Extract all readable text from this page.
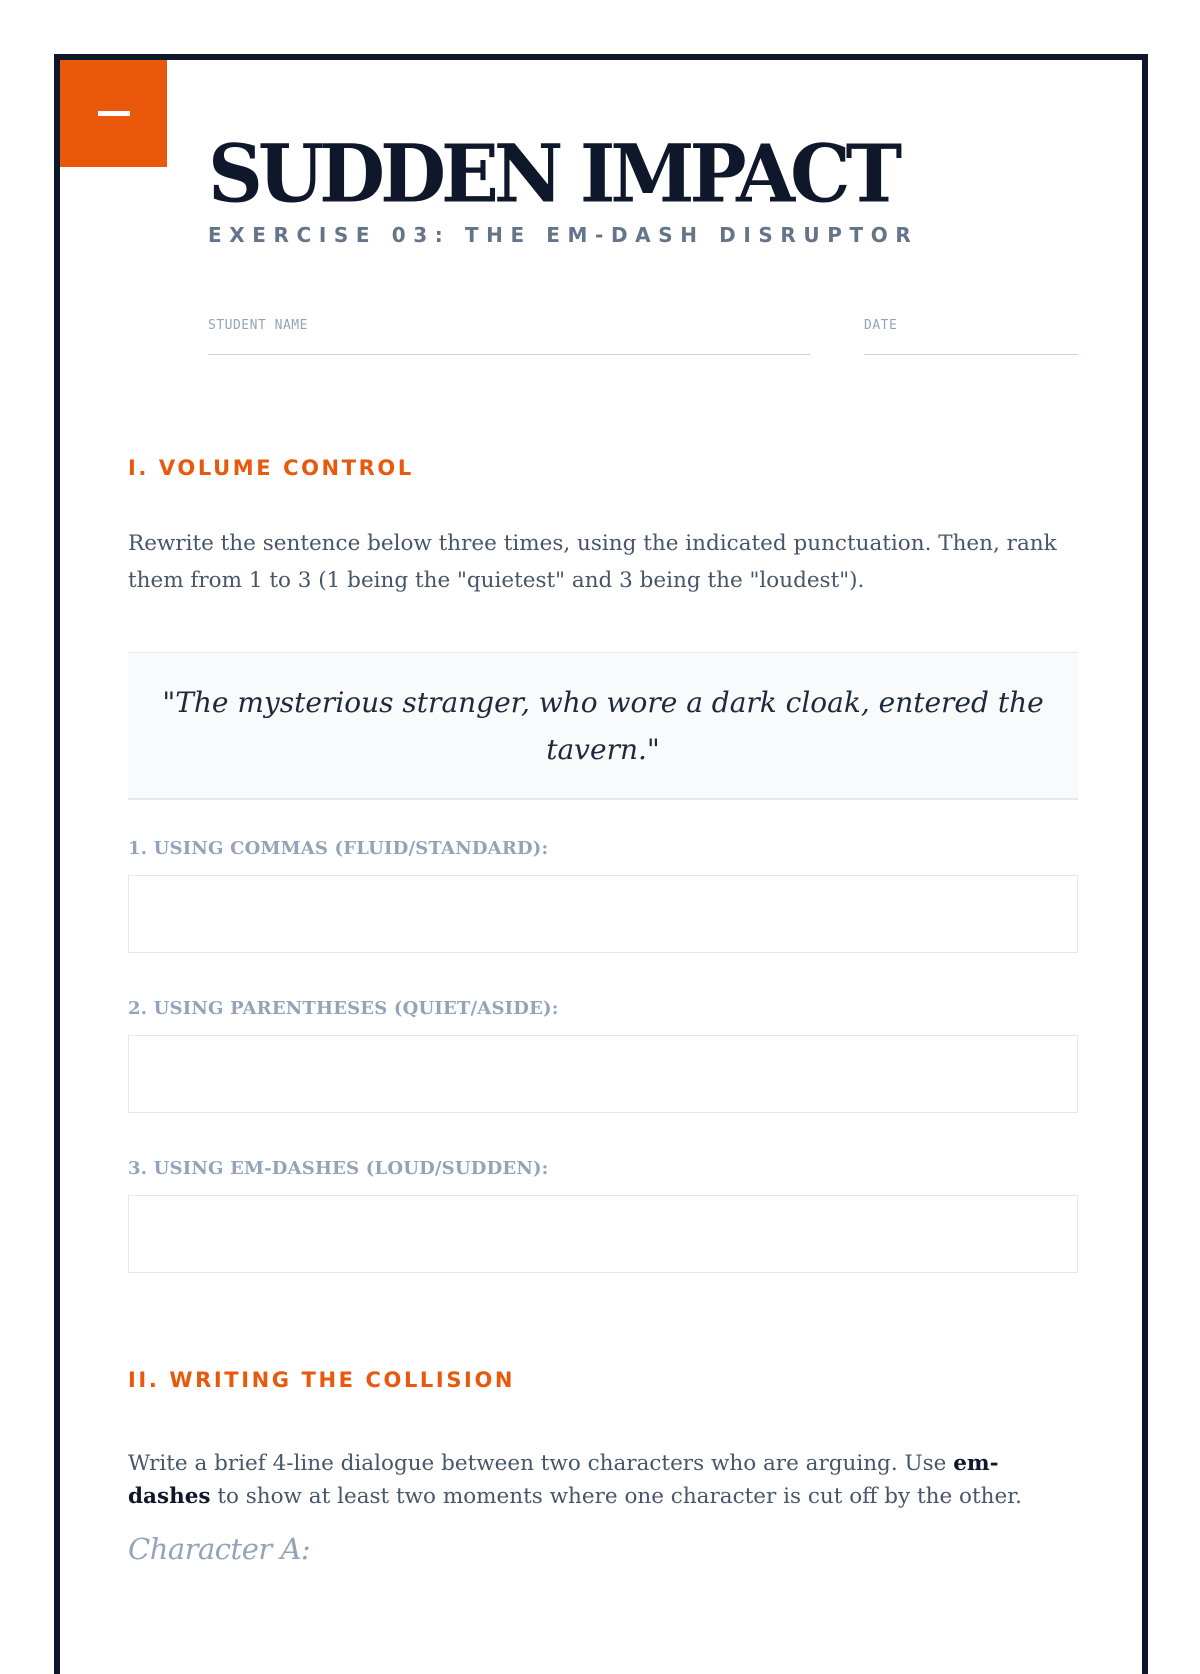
SUDDEN IMPACT
EXERCISE 03: THE EM-DASH DISRUPTOR
STUDENT NAME	DATE
I. VOLUME CONTROL

Rewrite the sentence below three times, using the indicated punctuation. Then, rank them from 1 to 3 (1 being the "quietest" and 3 being the "loudest").

"The mysterious stranger, who wore a dark cloak, entered the tavern."
1. USING COMMAS (FLUID/STANDARD):
2. USING PARENTHESES (QUIET/ASIDE):
3. USING EM-DASHES (LOUD/SUDDEN):
II. WRITING THE COLLISION

Write a brief 4-line dialogue between two characters who are arguing. Use em-dashes to show at least two moments where one character is cut off by the other.

Character A:
